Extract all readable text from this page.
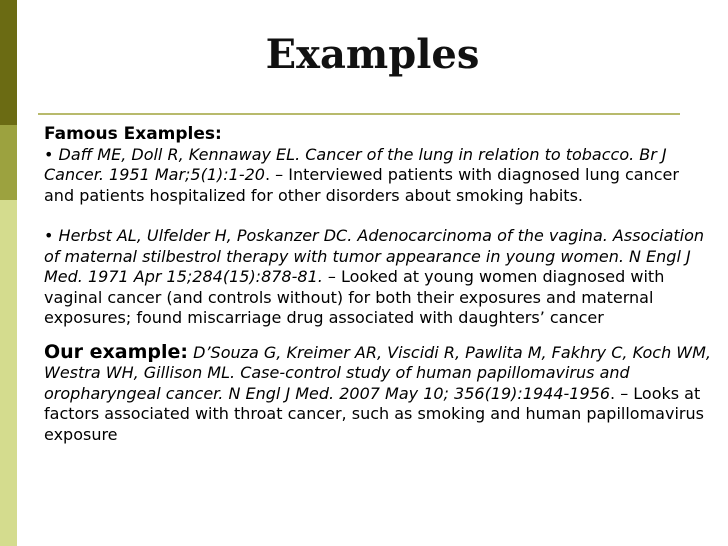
Examples
Famous Examples:

• Daff ME, Doll R, Kennaway EL. Cancer of the lung in relation to tobacco. Br J Cancer. 1951 Mar;5(1):1-20. – Interviewed patients with diagnosed lung cancer and patients hospitalized for other disorders about smoking habits.

• Herbst AL, Ulfelder H, Poskanzer DC. Adenocarcinoma of the vagina. Association of maternal stilbestrol therapy with tumor appearance in young women. N Engl J Med. 1971 Apr 15;284(15):878-81. – Looked at young women diagnosed with vaginal cancer (and controls without) for both their exposures and maternal exposures; found miscarriage drug associated with daughters’ cancer

Our example: D’Souza G, Kreimer AR, Viscidi R, Pawlita M, Fakhry C, Koch WM, Westra WH, Gillison ML. Case-control study of human papillomavirus and oropharyngeal cancer. N Engl J Med. 2007 May 10; 356(19):1944-1956. – Looks at factors associated with throat cancer, such as smoking and human papillomavirus exposure
